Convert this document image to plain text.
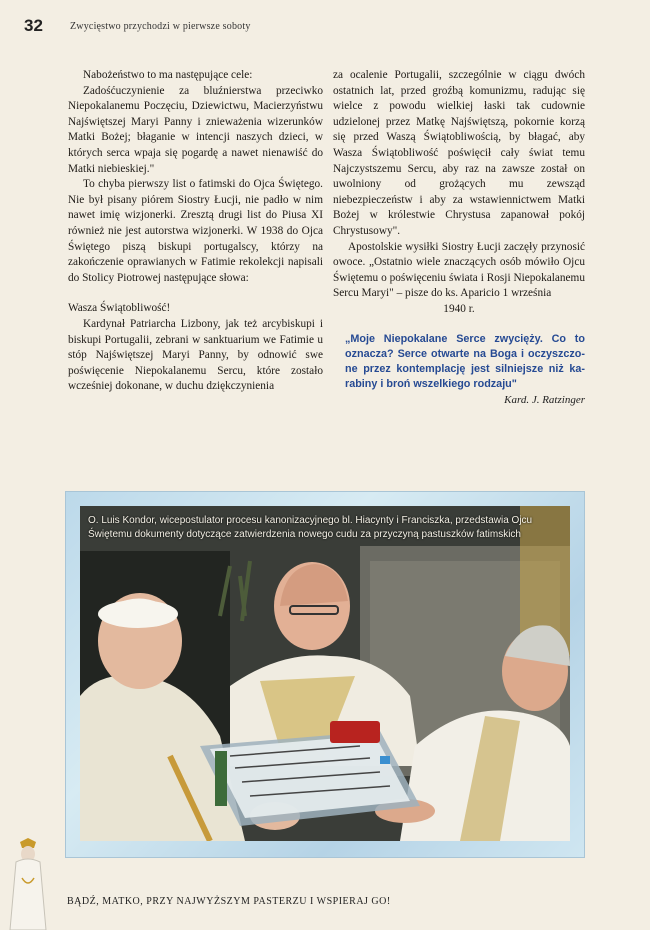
32	Zwycięstwo przychodzi w pierwsze soboty

Nabożeństwo to ma następujące cele:

Zadośćuczynienie za bluźnierstwa przeciwko Niepokalanemu Poczęciu, Dziewictwu, Macierzyństwu Najświętszej Maryi Panny i znieważenia wizerunków Matki Bożej; błaganie w intencji naszych dzieci, w których serca wpaja się pogardę a nawet nienawiść do Matki niebieskiej."

To chyba pierwszy list o fatimski do Ojca Świętego. Nie był pisany piórem Siostry Łucji, nie padło w nim nawet imię wizjonerki. Zresztą drugi list do Piusa XI również nie jest autorstwa wizjonerki. W 1938 do Ojca Świętego piszą biskupi portugalscy, którzy na zakończenie oprawianych w Fatimie rekolekcji napisali do Stolicy Piotrowej następujące słowa:

Wasza Świątobliwość!

Kardynał Patriarcha Lizbony, jak też arcybiskupi i biskupi Portugalii, zebrani w sanktuarium we Fatimie u stóp Najświętszej Maryi Panny, by odnowić swe poświęcenie Niepokalanemu Sercu, które zostało wcześniej dokonane, w duchu dziękczynienia

za ocalenie Portugalii, szczególnie w ciągu dwóch ostatnich lat, przed groźbą komunizmu, radując się wielce z powodu wielkiej łaski tak cudownie udzielonej przez Matkę Najświętszą, pokornie korzą się przed Waszą Świątobliwością, by błagać, aby Wasza Świątobliwość poświęcił cały świat temu Najczystszemu Sercu, aby raz na zawsze został on uwolniony od grożących mu zewsząd niebezpieczeństw i aby za wstawiennictwem Matki Bożej w królestwie Chrystusa zapanował pokój Chrystusowy".

Apostolskie wysiłki Siostry Łucji zaczęły przynosić owoce. „Ostatnio wiele znaczących osób mówiło Ojcu Świętemu o poświęceniu świata i Rosji Niepokalanemu Sercu Maryi" – pisze do ks. Aparicio 1 września

1940 r.

„Moje Niepokalane Serce zwycięży. Co to oznacza? Serce otwarte na Boga i oczyszczone przez kontemplację jest silniejsze niż karabiny i broń wszelkiego rodzaju"
Kard. J. Ratzinger
O. Luis Kondor, wicepostulator procesu kanonizacyjnego bl. Hiacynty i Franciszka, przedstawia Ojcu Świętemu dokumenty dotyczące zatwierdzenia nowego cudu za przyczyną pastuszków fatimskich
BĄDŹ, MATKO, PRZY NAJWYŻSZYM PASTERZU I WSPIERAJ GO!
